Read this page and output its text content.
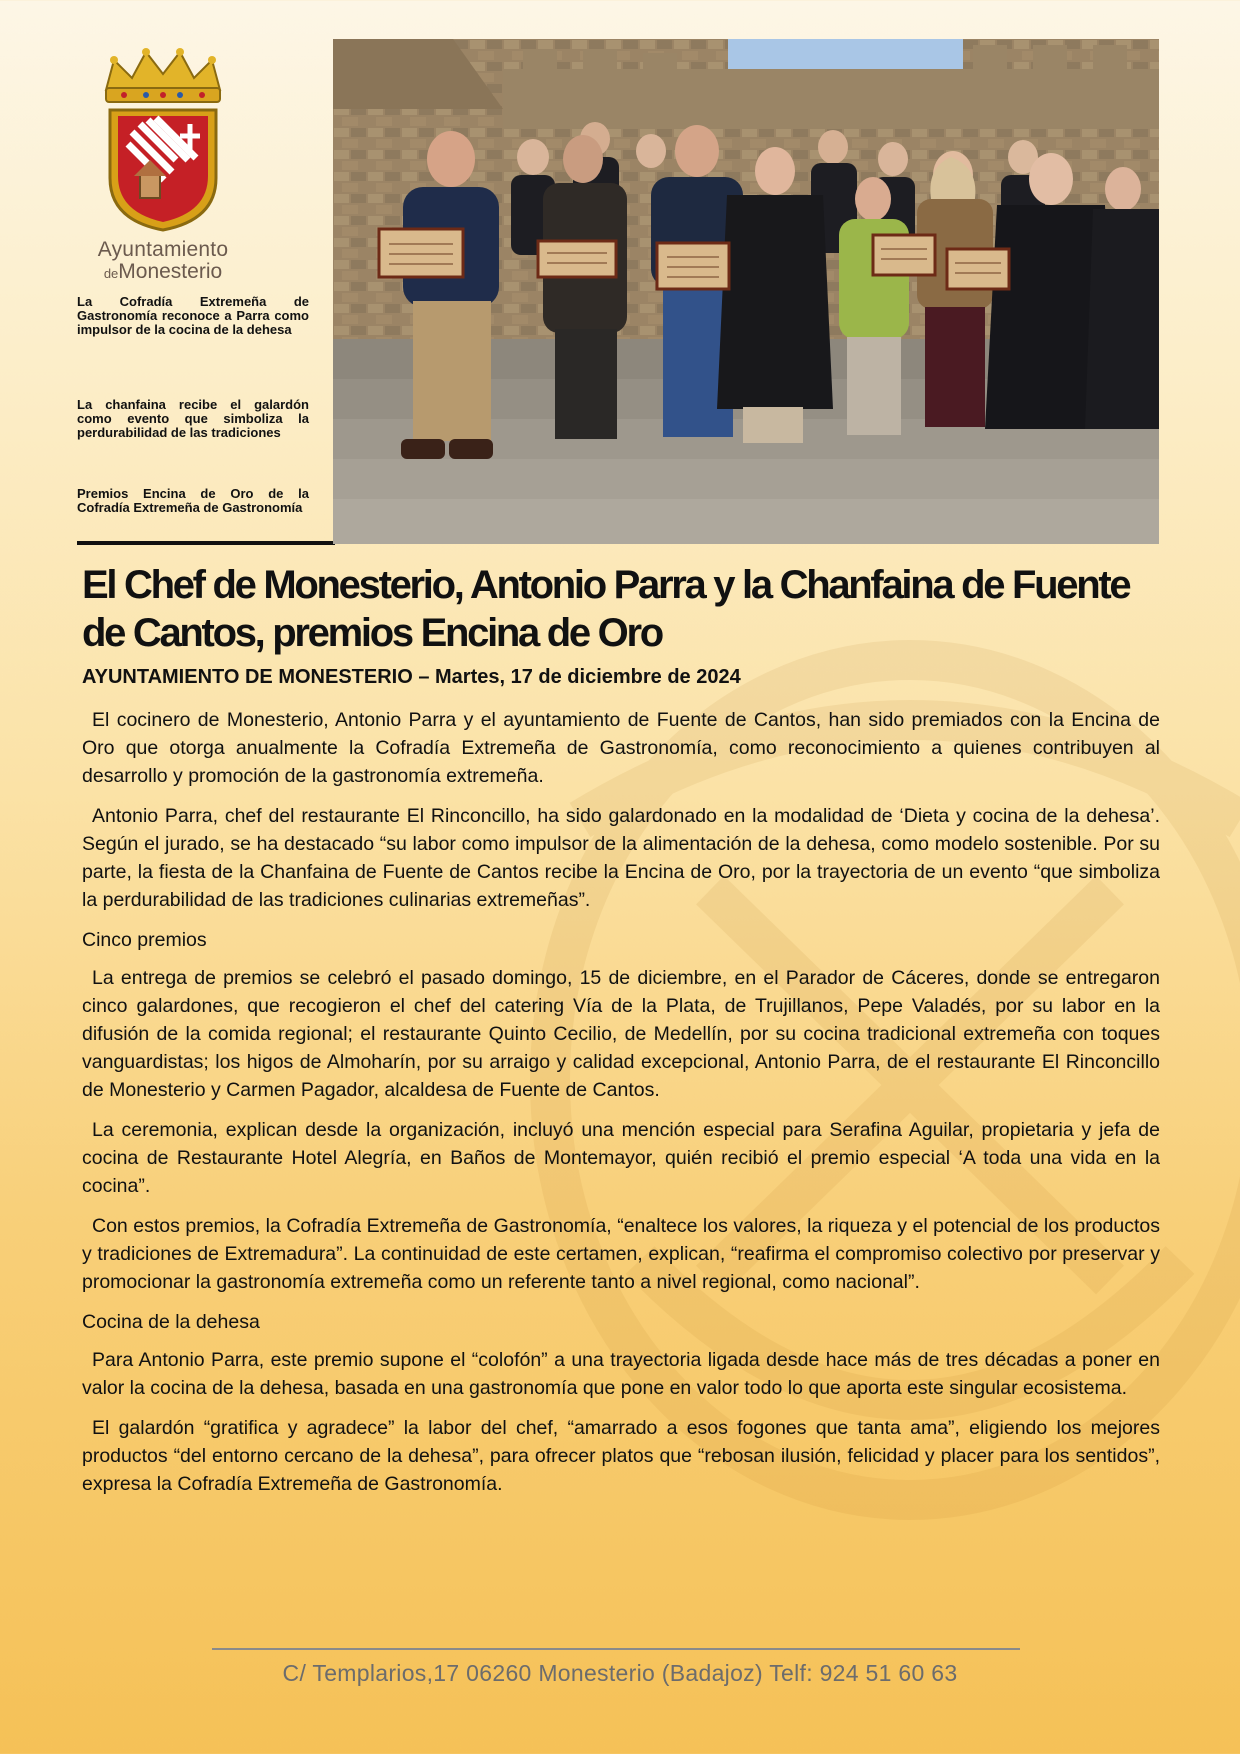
Ayuntamiento
deMonesterio
La Cofradía Extremeña de Gastronomía reconoce a Parra como impulsor de la cocina de la dehesa
La chanfaina recibe el galardón como evento que simboliza la perdurabilidad de las tradiciones
Premios Encina de Oro de la Cofradía Extremeña de Gastronomía
El Chef de Monesterio, Antonio Parra y la Chanfaina de Fuente de Cantos, premios Encina de Oro
AYUNTAMIENTO DE MONESTERIO – Martes, 17 de diciembre de 2024

El cocinero de Monesterio, Antonio Parra y el ayuntamiento de Fuente de Cantos, han sido premiados con la Encina de Oro que otorga anualmente la Cofradía Extremeña de Gastronomía, como reconocimiento a quienes contribuyen al desarrollo y promoción de la gastronomía extremeña.

Antonio Parra, chef del restaurante El Rinconcillo, ha sido galardonado en la modalidad de ‘Dieta y cocina de la dehesa’. Según el jurado, se ha destacado “su labor como impulsor de la alimentación de la dehesa, como modelo sostenible. Por su parte, la fiesta de la Chanfaina de Fuente de Cantos recibe la Encina de Oro, por la trayectoria de un evento “que simboliza la perdurabilidad de las tradiciones culinarias extremeñas”.

Cinco premios

La entrega de premios se celebró el pasado domingo, 15 de diciembre, en el Parador de Cáceres, donde se entregaron cinco galardones, que recogieron el chef del catering Vía de la Plata, de Trujillanos, Pepe Valadés, por su labor en la difusión de la comida regional; el restaurante Quinto Cecilio, de Medellín, por su cocina tradicional extremeña con toques vanguardistas; los higos de Almoharín, por su arraigo y calidad excepcional, Antonio Parra, de el restaurante El Rinconcillo de Monesterio y Carmen Pagador, alcaldesa de Fuente de Cantos.

La ceremonia, explican desde la organización, incluyó una mención especial para Serafina Aguilar, propietaria y jefa de cocina de Restaurante Hotel Alegría, en Baños de Montemayor, quién recibió el premio especial ‘A toda una vida en la cocina”.

Con estos premios, la Cofradía Extremeña de Gastronomía, “enaltece los valores, la riqueza y el potencial de los productos y tradiciones de Extremadura”. La continuidad de este certamen, explican, “reafirma el compromiso colectivo por preservar y promocionar la gastronomía extremeña como un referente tanto a nivel regional, como nacional”.

Cocina de la dehesa

Para Antonio Parra, este premio supone el “colofón” a una trayectoria ligada desde hace más de tres décadas a poner en valor la cocina de la dehesa, basada en una gastronomía que pone en valor todo lo que aporta este singular ecosistema.

El galardón “gratifica y agradece” la labor del chef, “amarrado a esos fogones que tanta ama”, eligiendo los mejores productos “del entorno cercano de la dehesa”, para ofrecer platos que “rebosan ilusión, felicidad y placer para los sentidos”, expresa la Cofradía Extremeña de Gastronomía.

C/ Templarios,17 06260 Monesterio (Badajoz) Telf: 924 51 60 63
